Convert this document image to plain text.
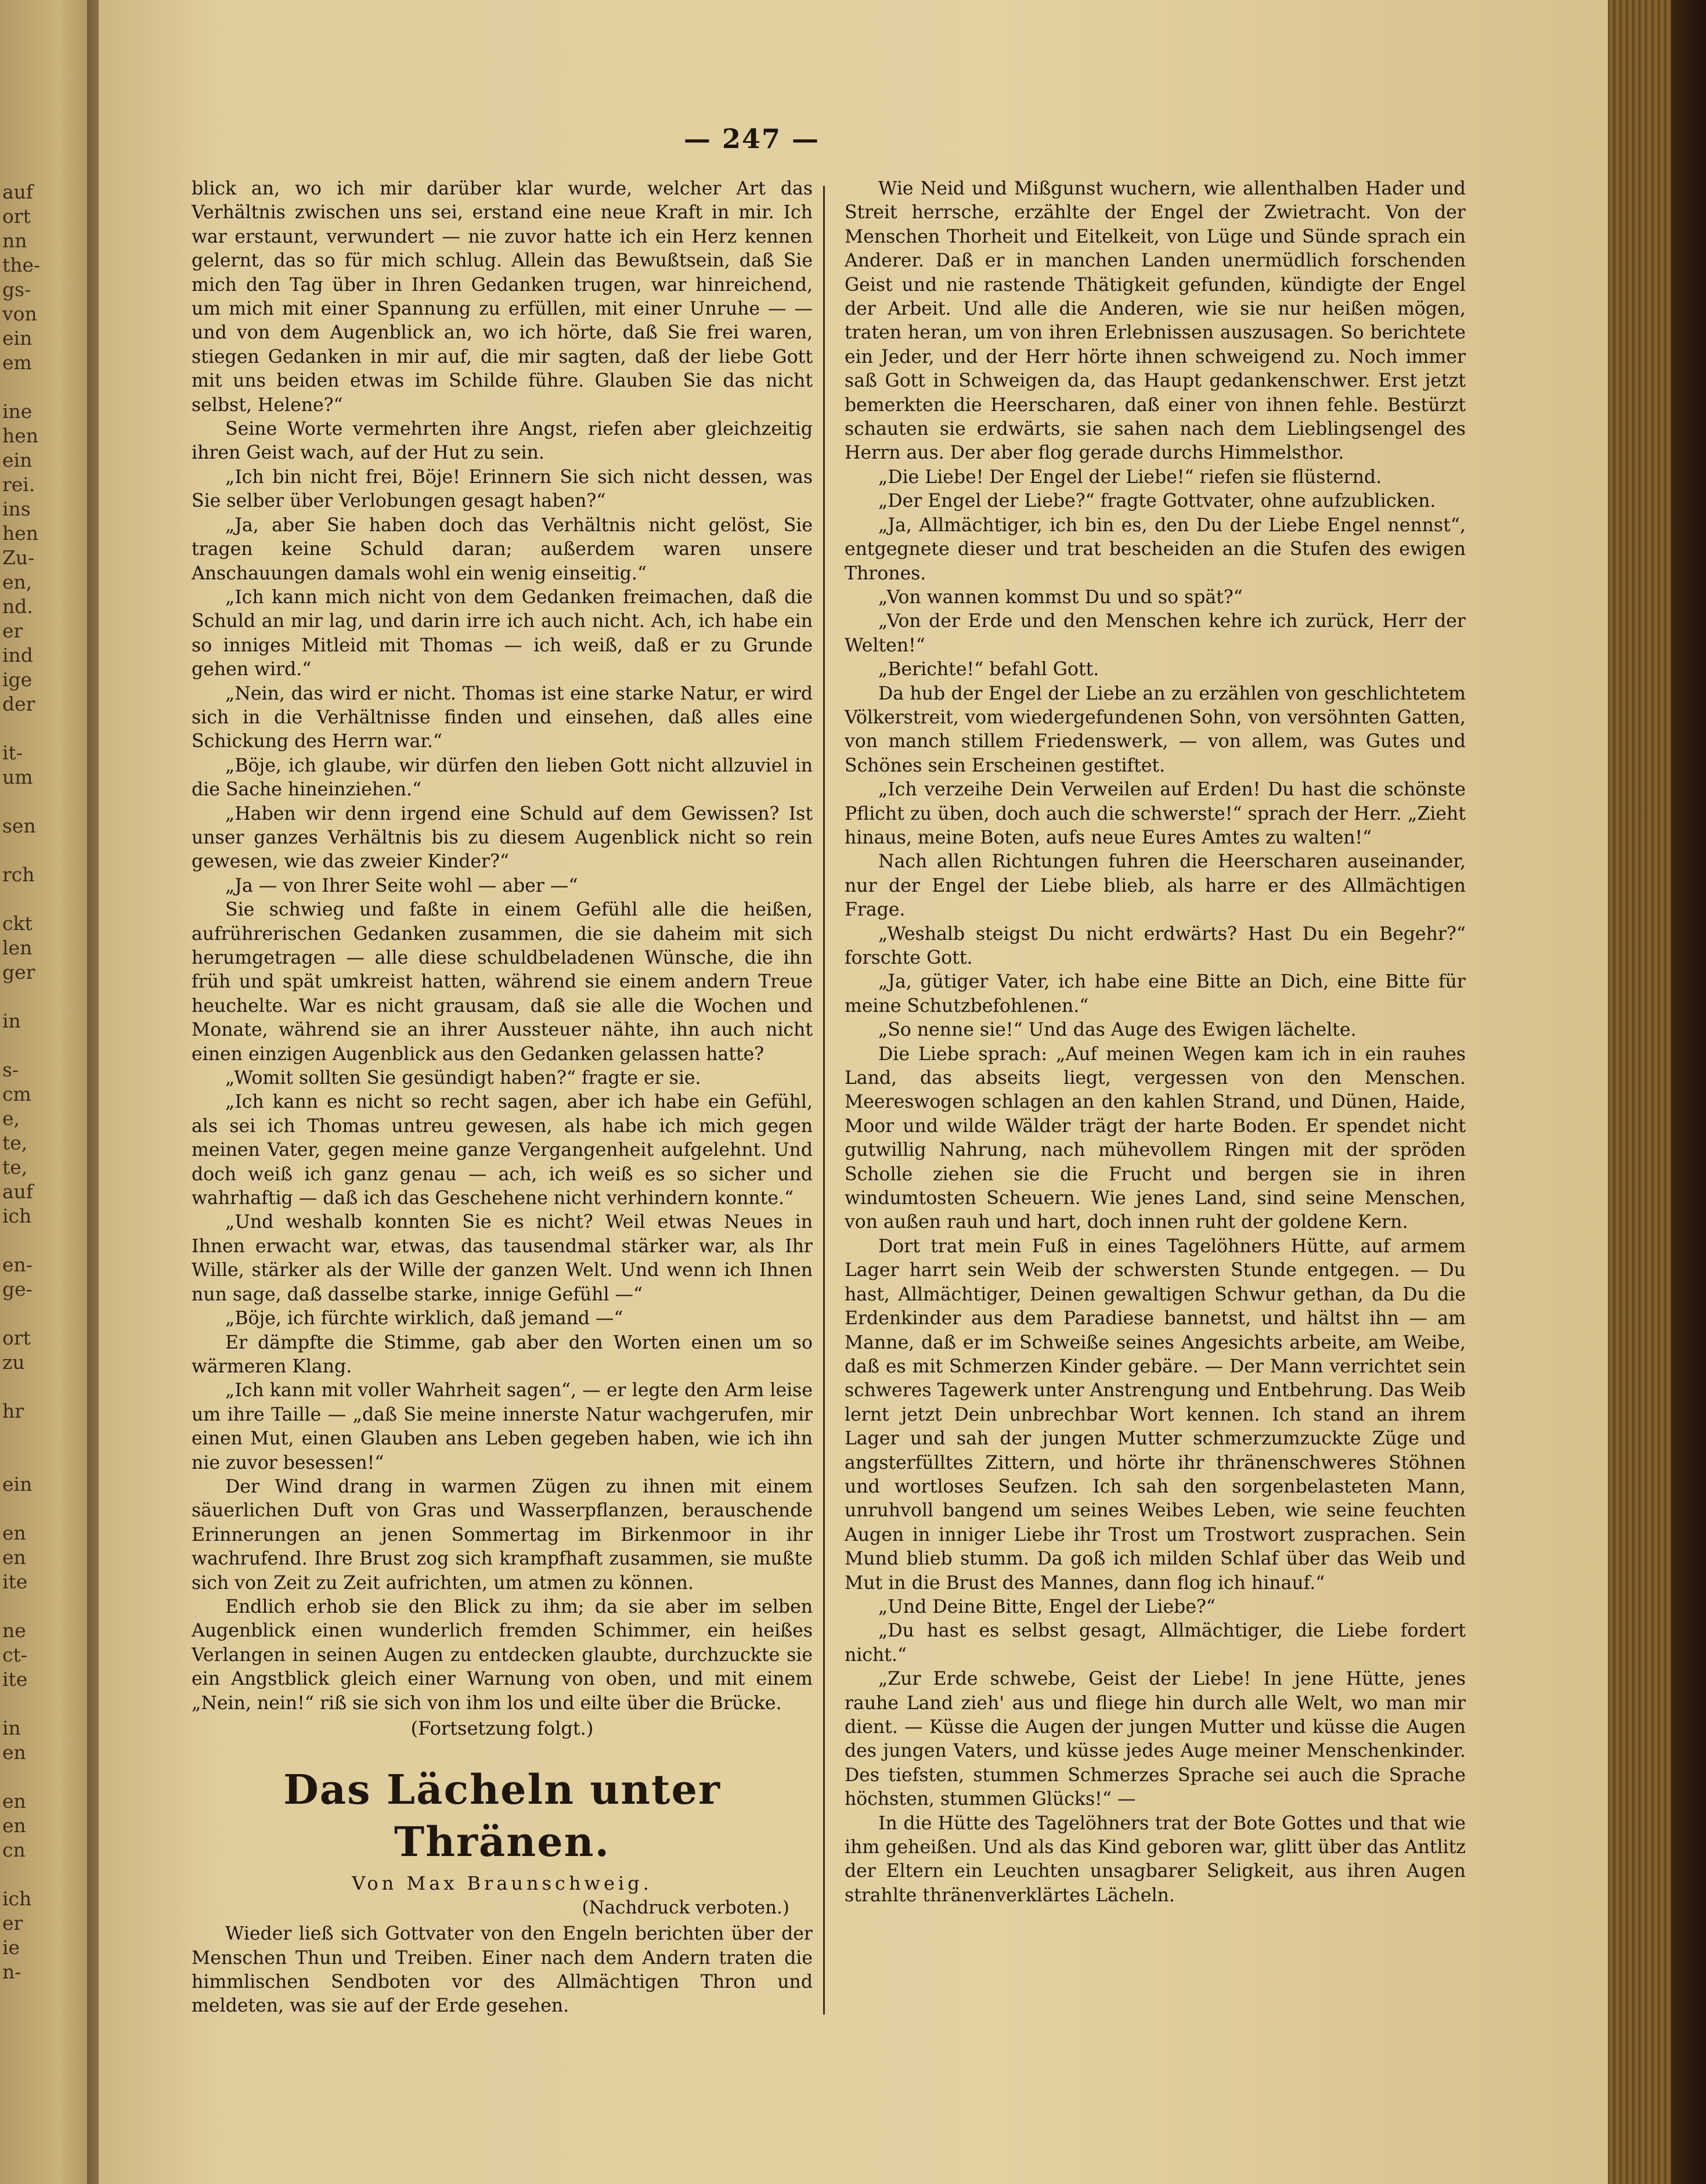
auf
ort
nn
the-
gs-
von
ein
em
ine
hen
ein
rei.
ins
hen
Zu-
en,
nd.
er
ind
ige
der
it-
um
sen
rch
ckt
len
ger
in
s-
cm
e,
te,
te,
auf
ich
en-
ge-
ort
zu
hr
ein
en
en
ite
ne
ct-
ite
in
en
en
en
cn
ich
er
ie
n-
— 247 —

blick an, wo ich mir darüber klar wurde, welcher Art das Verhältnis zwischen uns sei, erstand eine neue Kraft in mir. Ich war erstaunt, verwundert — nie zuvor hatte ich ein Herz kennen gelernt, das so für mich schlug. Allein das Bewußtsein, daß Sie mich den Tag über in Ihren Gedanken trugen, war hinreichend, um mich mit einer Spannung zu erfüllen, mit einer Unruhe — — und von dem Augenblick an, wo ich hörte, daß Sie frei waren, stiegen Gedanken in mir auf, die mir sagten, daß der liebe Gott mit uns beiden etwas im Schilde führe. Glauben Sie das nicht selbst, Helene?“

Seine Worte vermehrten ihre Angst, riefen aber gleichzeitig ihren Geist wach, auf der Hut zu sein.

„Ich bin nicht frei, Böje! Erinnern Sie sich nicht dessen, was Sie selber über Verlobungen gesagt haben?“

„Ja, aber Sie haben doch das Verhältnis nicht gelöst, Sie tragen keine Schuld daran; außerdem waren unsere Anschauungen damals wohl ein wenig einseitig.“

„Ich kann mich nicht von dem Gedanken freimachen, daß die Schuld an mir lag, und darin irre ich auch nicht. Ach, ich habe ein so inniges Mitleid mit Thomas — ich weiß, daß er zu Grunde gehen wird.“

„Nein, das wird er nicht. Thomas ist eine starke Natur, er wird sich in die Verhältnisse finden und einsehen, daß alles eine Schickung des Herrn war.“

„Böje, ich glaube, wir dürfen den lieben Gott nicht allzuviel in die Sache hineinziehen.“

„Haben wir denn irgend eine Schuld auf dem Gewissen? Ist unser ganzes Verhältnis bis zu diesem Augenblick nicht so rein gewesen, wie das zweier Kinder?“

„Ja — von Ihrer Seite wohl — aber —“

Sie schwieg und faßte in einem Gefühl alle die heißen, aufrührerischen Gedanken zusammen, die sie daheim mit sich herumgetragen — alle diese schuldbeladenen Wünsche, die ihn früh und spät umkreist hatten, während sie einem andern Treue heuchelte. War es nicht grausam, daß sie alle die Wochen und Monate, während sie an ihrer Aussteuer nähte, ihn auch nicht einen einzigen Augenblick aus den Gedanken gelassen hatte?

„Womit sollten Sie gesündigt haben?“ fragte er sie.

„Ich kann es nicht so recht sagen, aber ich habe ein Gefühl, als sei ich Thomas untreu gewesen, als habe ich mich gegen meinen Vater, gegen meine ganze Vergangenheit aufgelehnt. Und doch weiß ich ganz genau — ach, ich weiß es so sicher und wahrhaftig — daß ich das Geschehene nicht verhindern konnte.“

„Und weshalb konnten Sie es nicht? Weil etwas Neues in Ihnen erwacht war, etwas, das tausendmal stärker war, als Ihr Wille, stärker als der Wille der ganzen Welt. Und wenn ich Ihnen nun sage, daß dasselbe starke, innige Gefühl —“

„Böje, ich fürchte wirklich, daß jemand —“

Er dämpfte die Stimme, gab aber den Worten einen um so wärmeren Klang.

„Ich kann mit voller Wahrheit sagen“, — er legte den Arm leise um ihre Taille — „daß Sie meine innerste Natur wachgerufen, mir einen Mut, einen Glauben ans Leben gegeben haben, wie ich ihn nie zuvor besessen!“

Der Wind drang in warmen Zügen zu ihnen mit einem säuerlichen Duft von Gras und Wasserpflanzen, berauschende Erinnerungen an jenen Sommertag im Birkenmoor in ihr wachrufend. Ihre Brust zog sich krampfhaft zusammen, sie mußte sich von Zeit zu Zeit aufrichten, um atmen zu können.

Endlich erhob sie den Blick zu ihm; da sie aber im selben Augenblick einen wunderlich fremden Schimmer, ein heißes Verlangen in seinen Augen zu entdecken glaubte, durchzuckte sie ein Angstblick gleich einer Warnung von oben, und mit einem „Nein, nein!“ riß sie sich von ihm los und eilte über die Brücke.

(Fortsetzung folgt.)
Das Lächeln unter Thränen.
Von Max Braunschweig.
(Nachdruck verboten.)

Wieder ließ sich Gottvater von den Engeln berichten über der Menschen Thun und Treiben. Einer nach dem Andern traten die himmlischen Sendboten vor des Allmächtigen Thron und meldeten, was sie auf der Erde gesehen.

Wie Neid und Mißgunst wuchern, wie allenthalben Hader und Streit herrsche, erzählte der Engel der Zwietracht. Von der Menschen Thorheit und Eitelkeit, von Lüge und Sünde sprach ein Anderer. Daß er in manchen Landen unermüdlich forschenden Geist und nie rastende Thätigkeit gefunden, kündigte der Engel der Arbeit. Und alle die Anderen, wie sie nur heißen mögen, traten heran, um von ihren Erlebnissen auszusagen. So berichtete ein Jeder, und der Herr hörte ihnen schweigend zu. Noch immer saß Gott in Schweigen da, das Haupt gedankenschwer. Erst jetzt bemerkten die Heerscharen, daß einer von ihnen fehle. Bestürzt schauten sie erdwärts, sie sahen nach dem Lieblingsengel des Herrn aus. Der aber flog gerade durchs Himmelsthor.

„Die Liebe! Der Engel der Liebe!“ riefen sie flüsternd.

„Der Engel der Liebe?“ fragte Gottvater, ohne aufzublicken.

„Ja, Allmächtiger, ich bin es, den Du der Liebe Engel nennst“, entgegnete dieser und trat bescheiden an die Stufen des ewigen Thrones.

„Von wannen kommst Du und so spät?“

„Von der Erde und den Menschen kehre ich zurück, Herr der Welten!“

„Berichte!“ befahl Gott.

Da hub der Engel der Liebe an zu erzählen von geschlichtetem Völkerstreit, vom wiedergefundenen Sohn, von versöhnten Gatten, von manch stillem Friedenswerk, — von allem, was Gutes und Schönes sein Erscheinen gestiftet.

„Ich verzeihe Dein Verweilen auf Erden! Du hast die schönste Pflicht zu üben, doch auch die schwerste!“ sprach der Herr. „Zieht hinaus, meine Boten, aufs neue Eures Amtes zu walten!“

Nach allen Richtungen fuhren die Heerscharen auseinander, nur der Engel der Liebe blieb, als harre er des Allmächtigen Frage.

„Weshalb steigst Du nicht erdwärts? Hast Du ein Begehr?“ forschte Gott.

„Ja, gütiger Vater, ich habe eine Bitte an Dich, eine Bitte für meine Schutzbefohlenen.“

„So nenne sie!“ Und das Auge des Ewigen lächelte.

Die Liebe sprach: „Auf meinen Wegen kam ich in ein rauhes Land, das abseits liegt, vergessen von den Menschen. Meereswogen schlagen an den kahlen Strand, und Dünen, Haide, Moor und wilde Wälder trägt der harte Boden. Er spendet nicht gutwillig Nahrung, nach mühevollem Ringen mit der spröden Scholle ziehen sie die Frucht und bergen sie in ihren windumtosten Scheuern. Wie jenes Land, sind seine Menschen, von außen rauh und hart, doch innen ruht der goldene Kern.

Dort trat mein Fuß in eines Tagelöhners Hütte, auf armem Lager harrt sein Weib der schwersten Stunde entgegen. — Du hast, Allmächtiger, Deinen gewaltigen Schwur gethan, da Du die Erdenkinder aus dem Paradiese bannetst, und hältst ihn — am Manne, daß er im Schweiße seines Angesichts arbeite, am Weibe, daß es mit Schmerzen Kinder gebäre. — Der Mann verrichtet sein schweres Tagewerk unter Anstrengung und Entbehrung. Das Weib lernt jetzt Dein unbrechbar Wort kennen. Ich stand an ihrem Lager und sah der jungen Mutter schmerzumzuckte Züge und angsterfülltes Zittern, und hörte ihr thränenschweres Stöhnen und wortloses Seufzen. Ich sah den sorgenbelasteten Mann, unruhvoll bangend um seines Weibes Leben, wie seine feuchten Augen in inniger Liebe ihr Trost um Trostwort zusprachen. Sein Mund blieb stumm. Da goß ich milden Schlaf über das Weib und Mut in die Brust des Mannes, dann flog ich hinauf.“

„Und Deine Bitte, Engel der Liebe?“

„Du hast es selbst gesagt, Allmächtiger, die Liebe fordert nicht.“

„Zur Erde schwebe, Geist der Liebe! In jene Hütte, jenes rauhe Land zieh' aus und fliege hin durch alle Welt, wo man mir dient. — Küsse die Augen der jungen Mutter und küsse die Augen des jungen Vaters, und küsse jedes Auge meiner Menschenkinder. Des tiefsten, stummen Schmerzes Sprache sei auch die Sprache höchsten, stummen Glücks!“ —

In die Hütte des Tagelöhners trat der Bote Gottes und that wie ihm geheißen. Und als das Kind geboren war, glitt über das Antlitz der Eltern ein Leuchten unsagbarer Seligkeit, aus ihren Augen strahlte thränenverklärtes Lächeln.
